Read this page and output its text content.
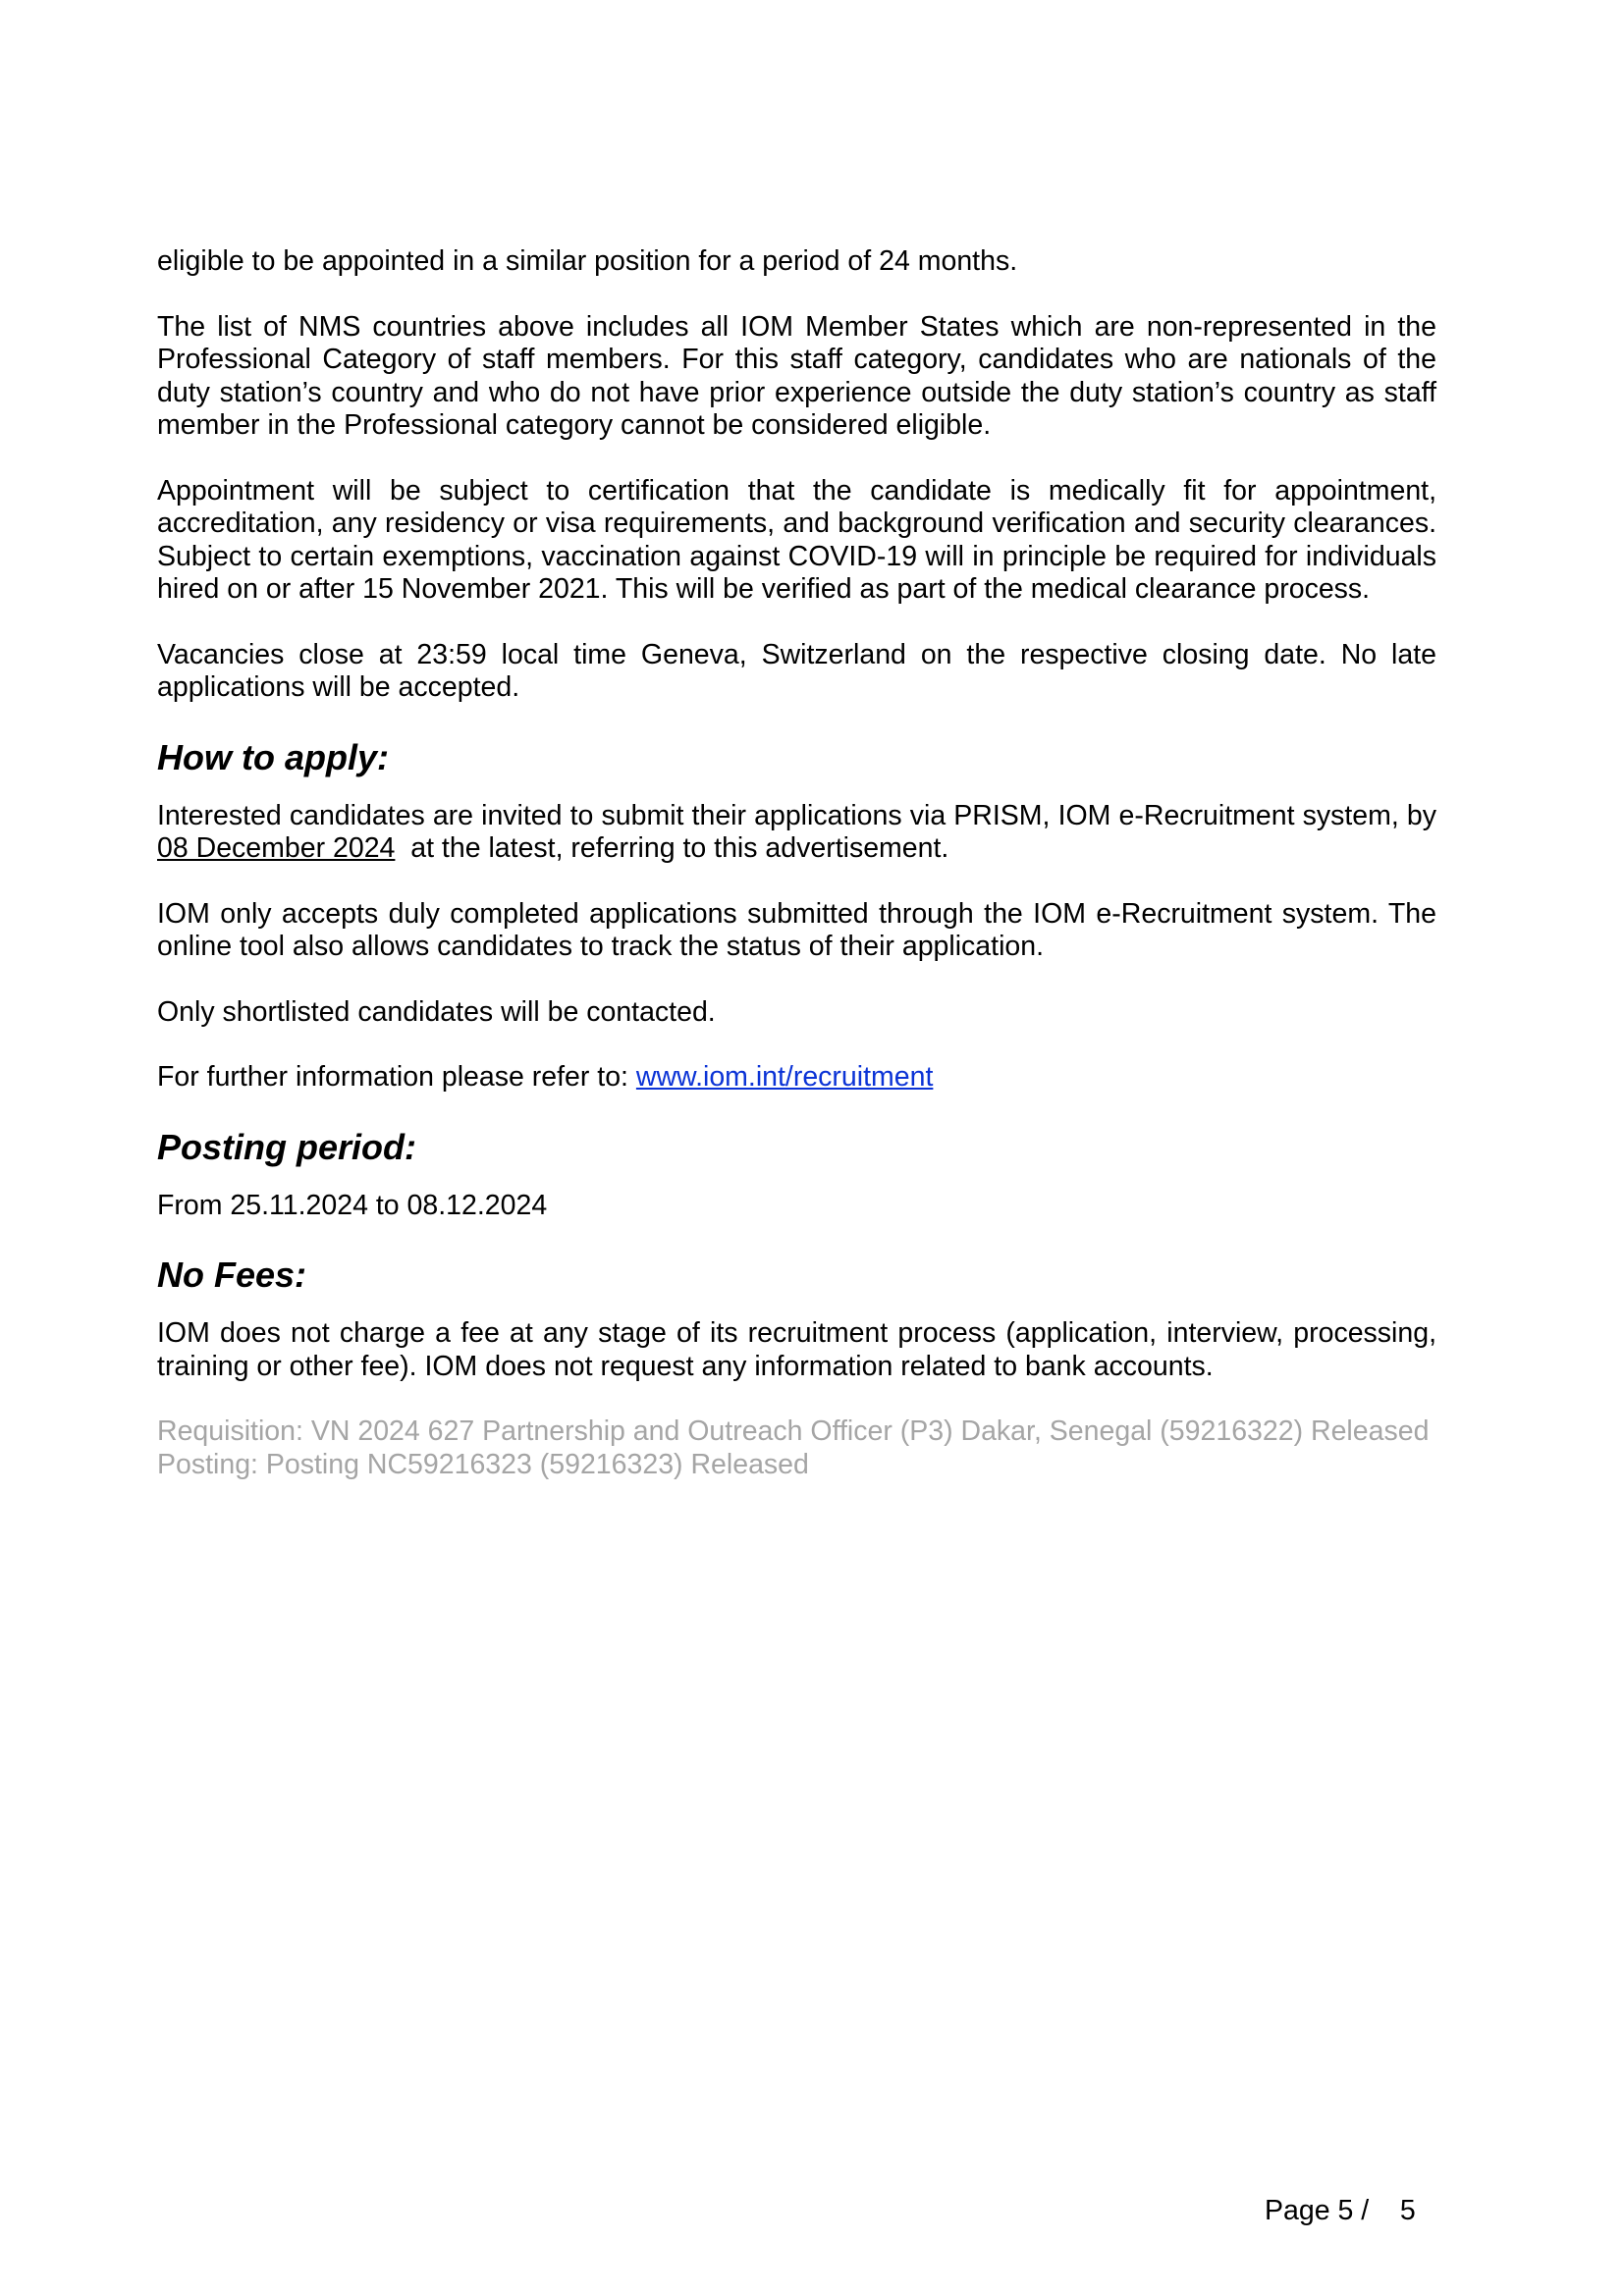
eligible to be appointed in a similar position for a period of 24 months.

The list of NMS countries above includes all IOM Member States which are non-represented in the Professional Category of staff members. For this staff category, candidates who are nationals of the duty station’s country and who do not have prior experience outside the duty station’s country as staff member in the Professional category cannot be considered eligible.

Appointment will be subject to certification that the candidate is medically fit for appointment, accreditation, any residency or visa requirements, and background verification and security clearances. Subject to certain exemptions, vaccination against COVID-19 will in principle be required for individuals hired on or after 15 November 2021. This will be verified as part of the medical clearance process.

Vacancies close at 23:59 local time Geneva, Switzerland on the respective closing date. No late applications will be accepted.

How to apply:

Interested candidates are invited to submit their applications via PRISM, IOM e-Recruitment system, by 08 December 2024  at the latest, referring to this advertisement.

IOM only accepts duly completed applications submitted through the IOM e-Recruitment system. The online tool also allows candidates to track the status of their application.

Only shortlisted candidates will be contacted.

For further information please refer to: www.iom.int/recruitment

Posting period:

From 25.11.2024 to 08.12.2024

No Fees:

IOM does not charge a fee at any stage of its recruitment process (application, interview, processing, training or other fee). IOM does not request any information related to bank accounts.

Requisition: VN 2024 627 Partnership and Outreach Officer (P3) Dakar, Senegal (59216322) Released
Posting: Posting NC59216323 (59216323) Released
Page 5 /    5
